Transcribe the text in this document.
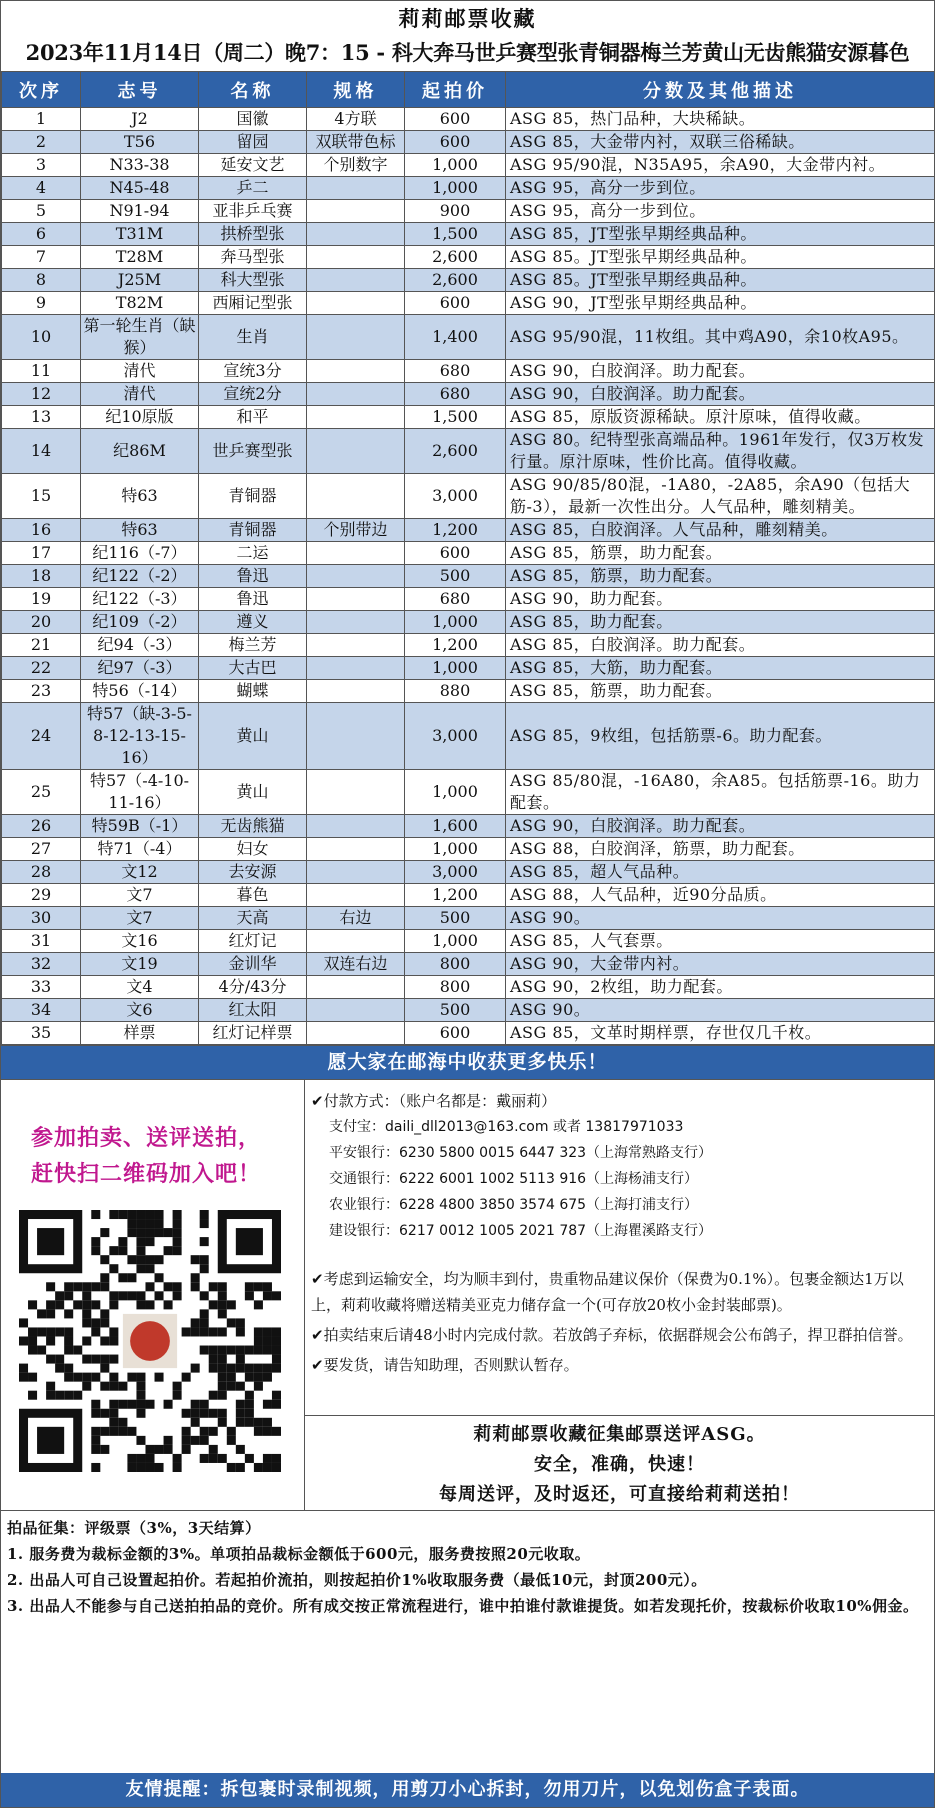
莉莉邮票收藏
2023年11月14日（周二）晚7：15 - 科大奔马世乒赛型张青铜器梅兰芳黄山无齿熊猫安源暮色
次序	志号	名称	规格	起拍价	分数及其他描述
1	J2	国徽	4方联	600	ASG 85，热门品种，大块稀缺。
2	T56	留园	双联带色标	600	ASG 85，大金带内衬，双联三俗稀缺。
3	N33-38	延安文艺	个别数字	1,000	ASG 95/90混，N35A95，余A90，大金带内衬。
4	N45-48	乒二		1,000	ASG 95，高分一步到位。
5	N91-94	亚非乒乓赛		900	ASG 95，高分一步到位。
6	T31M	拱桥型张		1,500	ASG 85，JT型张早期经典品种。
7	T28M	奔马型张		2,600	ASG 85。JT型张早期经典品种。
8	J25M	科大型张		2,600	ASG 85。JT型张早期经典品种。
9	T82M	西厢记型张		600	ASG 90，JT型张早期经典品种。
10	第一轮生肖（缺猴）	生肖		1,400	ASG 95/90混，11枚组。其中鸡A90，余10枚A95。
11	清代	宣统3分		680	ASG 90，白胶润泽。助力配套。
12	清代	宣统2分		680	ASG 90，白胶润泽。助力配套。
13	纪10原版	和平		1,500	ASG 85，原版资源稀缺。原汁原味，值得收藏。
14	纪86M	世乒赛型张		2,600	ASG 80。纪特型张高端品种。1961年发行，仅3万枚发行量。原汁原味，性价比高。值得收藏。
15	特63	青铜器		3,000	ASG 90/85/80混，-1A80，-2A85，余A90（包括大筋-3），最新一次性出分。人气品种，雕刻精美。
16	特63	青铜器	个别带边	1,200	ASG 85，白胶润泽。人气品种，雕刻精美。
17	纪116（-7）	二运		600	ASG 85，筋票，助力配套。
18	纪122（-2）	鲁迅		500	ASG 85，筋票，助力配套。
19	纪122（-3）	鲁迅		680	ASG 90，助力配套。
20	纪109（-2）	遵义		1,000	ASG 85，助力配套。
21	纪94（-3）	梅兰芳		1,200	ASG 85，白胶润泽。助力配套。
22	纪97（-3）	大古巴		1,000	ASG 85，大筋，助力配套。
23	特56（-14）	蝴蝶		880	ASG 85，筋票，助力配套。
24	特57（缺-3-5-8-12-13-15-16）	黄山		3,000	ASG 85，9枚组，包括筋票-6。助力配套。
25	特57（-4-10-11-16）	黄山		1,000	ASG 85/80混，-16A80，余A85。包括筋票-16。助力配套。
26	特59B（-1）	无齿熊猫		1,600	ASG 90，白胶润泽。助力配套。
27	特71（-4）	妇女		1,000	ASG 88，白胶润泽，筋票，助力配套。
28	文12	去安源		3,000	ASG 85，超人气品种。
29	文7	暮色		1,200	ASG 88，人气品种，近90分品质。
30	文7	天高	右边	500	ASG 90。
31	文16	红灯记		1,000	ASG 85，人气套票。
32	文19	金训华	双连右边	800	ASG 90，大金带内衬。
33	文4	4分/43分		800	ASG 90，2枚组，助力配套。
34	文6	红太阳		500	ASG 90。
35	样票	红灯记样票		600	ASG 85，文革时期样票，存世仅几千枚。
愿大家在邮海中收获更多快乐！
参加拍卖、送评送拍，
赶快扫二维码加入吧！
✔付款方式：（账户名都是：戴丽莉）
支付宝：daili_dll2013@163.com 或者 13817971033
平安银行：6230 5800 0015 6447 323（上海常熟路支行）
交通银行：6222 6001 1002 5113 916（上海杨浦支行）
农业银行：6228 4800 3850 3574 675（上海打浦支行）
建设银行：6217 0012 1005 2021 787（上海瞿溪路支行）
✔考虑到运输安全，均为顺丰到付，贵重物品建议保价（保费为0.1%）。包裹金额达1万以上，莉莉收藏将赠送精美亚克力储存盒一个(可存放20枚小金封装邮票)。
✔拍卖结束后请48小时内完成付款。若放鸽子弃标，依据群规会公布鸽子，捍卫群拍信誉。
✔要发货，请告知助理，否则默认暂存。
莉莉邮票收藏征集邮票送评ASG。
安全，准确，快速！
每周送评，及时返还，可直接给莉莉送拍！
拍品征集：评级票（3%，3天结算）
1. 服务费为裁标金额的3%。单项拍品裁标金额低于600元，服务费按照20元收取。
2. 出品人可自己设置起拍价。若起拍价流拍，则按起拍价1%收取服务费（最低10元，封顶200元）。
3. 出品人不能参与自己送拍拍品的竞价。所有成交按正常流程进行，谁中拍谁付款谁提货。如若发现托价，按裁标价收取10%佣金。
友情提醒：拆包裹时录制视频，用剪刀小心拆封，勿用刀片，以免划伤盒子表面。
